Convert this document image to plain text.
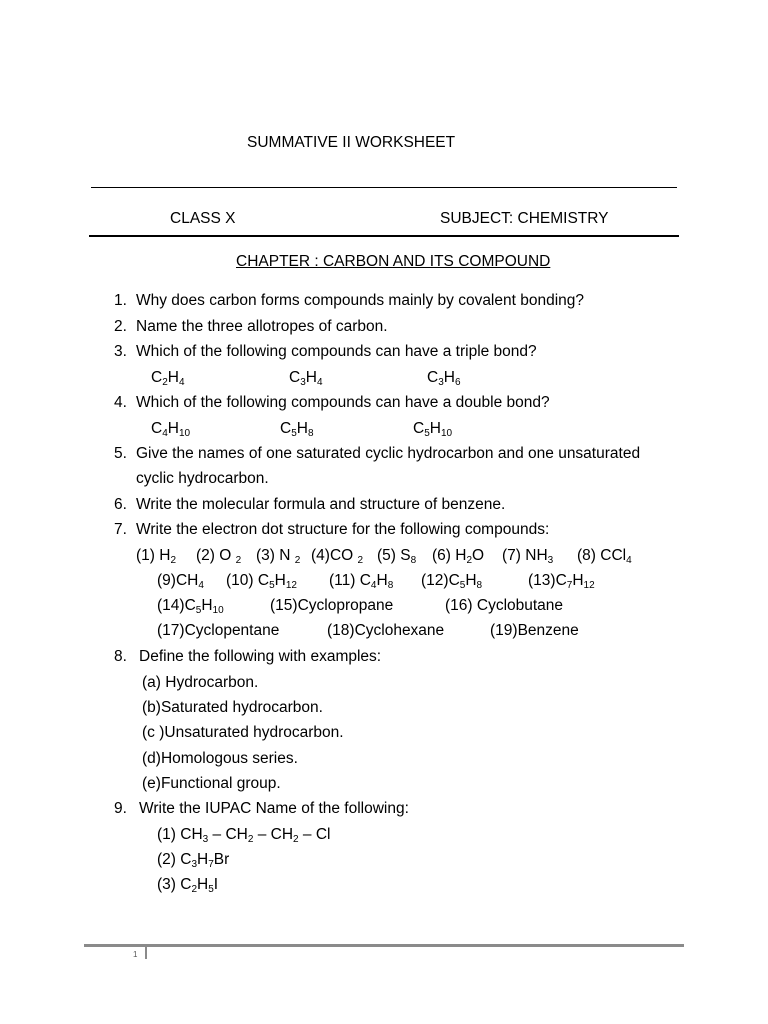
SUMMATIVE II WORKSHEET
CLASS X	SUBJECT: CHEMISTRY
CHAPTER : CARBON AND ITS COMPOUND
1. Why does carbon forms compounds mainly by covalent bonding?
2. Name the three allotropes of carbon.
3. Which of the following compounds can have a triple bond?
$C_2H_4$	$C_3H_4$	$C_3H_6$
4. Which of the following compounds can have a double bond?
$C_4H_{10}$	$C_5H_8$	$C_5H_{10}$
5. Give the names of one saturated cyclic hydrocarbon and one unsaturated
cyclic hydrocarbon.
6. Write the molecular formula and structure of benzene.
7. Write the electron dot structure for the following compounds:
(1) $H_2$ (2) O $_2$ (3) N $_2$ (4)CO $_2$ (5) $S_8$ (6) $H_2O$ (7) $NH_3$ (8) CCl$_4$
$(9)CH_4$ (10) $C_5H_{12}$ (11) $C_4H_8$ $(12)C_5H_8$	$(13)C_7H_{12}$
$(14)C_5H_{10}$	(15)Cyclopropane	(16) Cyclobutane
(17)Cyclopentane	(18)Cyclohexane	(19)Benzene
8. Define the following with examples:
(a) Hydrocarbon.
(b)Saturated hydrocarbon.
(c )Unsaturated hydrocarbon.
(d)Homologous series.
(e)Functional group.
9. Write the IUPAC Name of the following:
(1) $CH_3 - CH_2 - CH_2$ – Cl
(2) $C_3H_7Br$
(3) $C_2H_5I$
1
